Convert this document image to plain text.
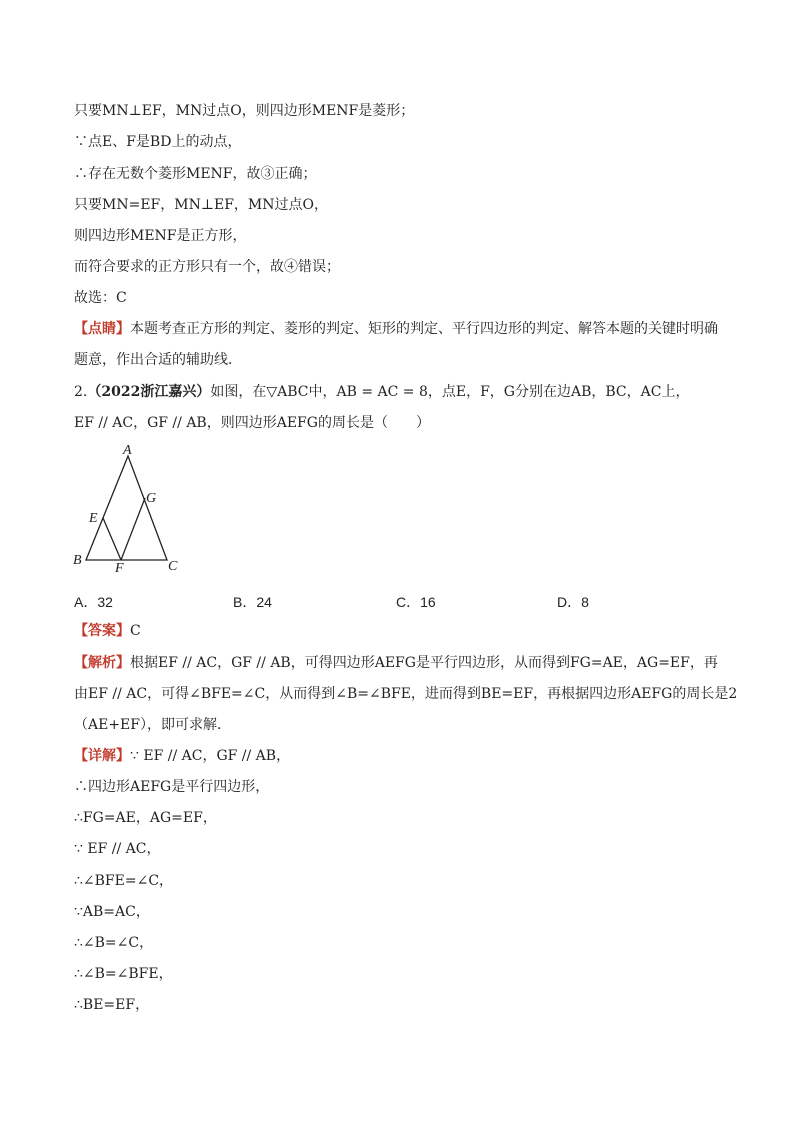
只要MN⊥EF，MN过点O，则四边形MENF是菱形；
∵点E、F是BD上的动点，
∴存在无数个菱形MENF，故③正确；
只要MN=EF，MN⊥EF，MN过点O，
则四边形MENF是正方形，
而符合要求的正方形只有一个，故④错误；
故选：C
【点睛】本题考查正方形的判定、菱形的判定、矩形的判定、平行四边形的判定、解答本题的关键时明确
题意，作出合适的辅助线．
2.（2022浙江嘉兴）如图，在▽ABC中，AB = AC = 8，点E，F，G分别在边AB，BC，AC上，
EF // AC，GF // AB，则四边形AEFG的周长是（　　）
A
E
G
B
F	C
A．32	B．24	C．16	D．8
【答案】C
【解析】根据EF // AC，GF // AB，可得四边形AEFG是平行四边形，从而得到FG=AE，AG=EF，再
由EF // AC，可得∠BFE=∠C，从而得到∠B=∠BFE，进而得到BE=EF，再根据四边形AEFG的周长是2
（AE+EF），即可求解．
【详解】∵ EF // AC，GF // AB，
∴四边形AEFG是平行四边形，
∴FG=AE，AG=EF，
∵ EF // AC，
∴∠BFE=∠C，
∵AB=AC，
∴∠B=∠C，
∴∠B=∠BFE，
∴BE=EF，
